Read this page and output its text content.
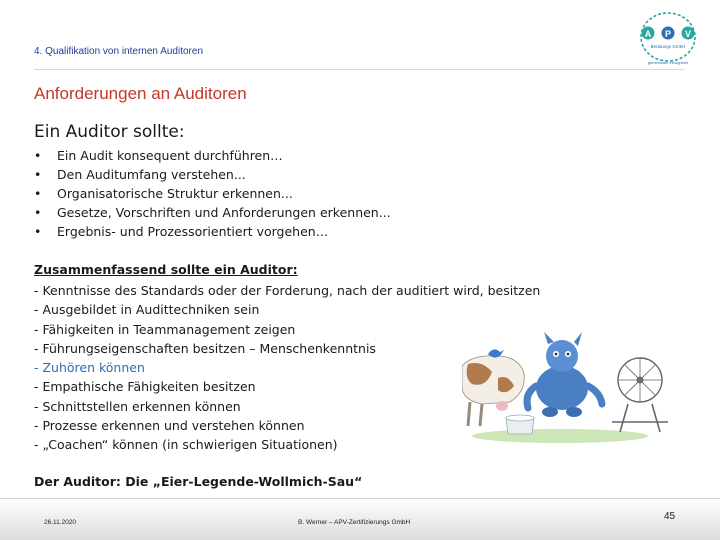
4. Qualifikation von internen Auditoren
Anforderungen an Auditoren
A P V
Beratungs GmbH
gemeinsam erfolgreich
Ein Auditor sollte:
• Ein Audit konsequent durchführen…
• Den Auditumfang verstehen...
• Organisatorische Struktur erkennen...
• Gesetze, Vorschriften und Anforderungen erkennen...
• Ergebnis- und Prozessorientiert vorgehen…
Zusammenfassend sollte ein Auditor:
- Kenntnisse des Standards oder der Forderung, nach der auditiert wird, besitzen
- Ausgebildet in Audittechniken sein
- Fähigkeiten in Teammanagement zeigen
- Führungseigenschaften besitzen – Menschenkenntnis
- Zuhören können
- Empathische Fähigkeiten besitzen
- Schnittstellen erkennen können
- Prozesse erkennen und verstehen können
- „Coachen“ können (in schwierigen Situationen)
Der Auditor: Die „Eier-Legende-Wollmich-Sau“
26.11.2020	B. Werner – APV-Zertifizierungs GmbH
45
